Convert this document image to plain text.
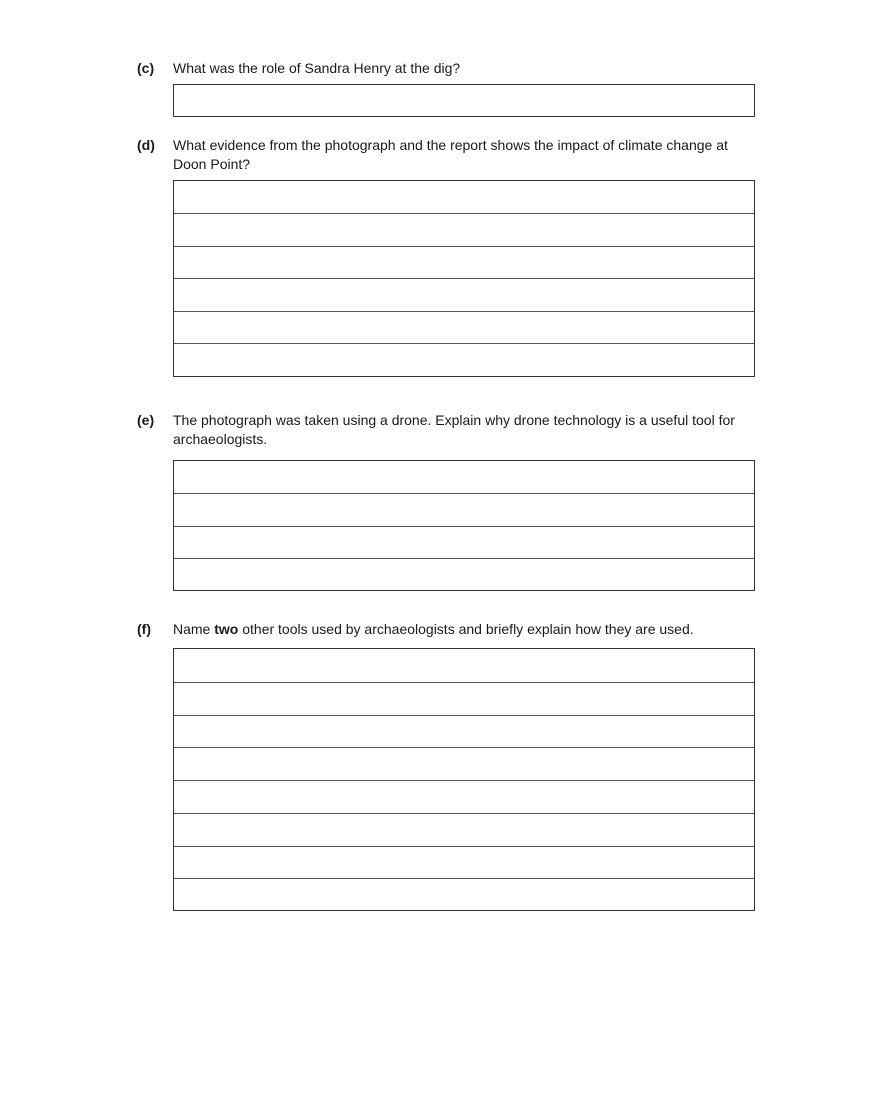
(c) What was the role of Sandra Henry at the dig?
(d) What evidence from the photograph and the report shows the impact of climate change at Doon Point?
(e) The photograph was taken using a drone. Explain why drone technology is a useful tool for archaeologists.
(f) Name two other tools used by archaeologists and briefly explain how they are used.
